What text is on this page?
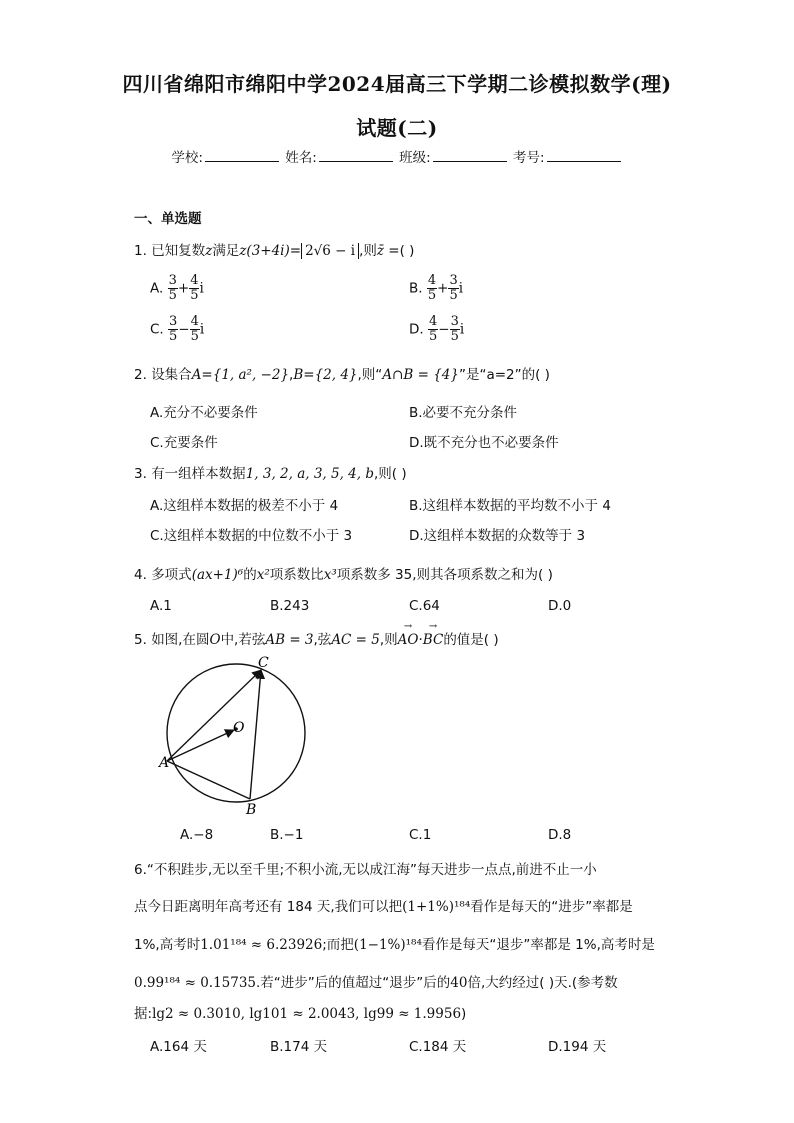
四川省绵阳市绵阳中学2024届高三下学期二诊模拟数学(理)
试题(二)
学校:	姓名:	班级:	考号:
一、单选题
1. 已知复数z满足z(3+4i)= 2√6 − i ,则z̄ =( )
A. $\frac{3}{5} + \frac{4}{5}$ i	B. $\frac{4}{5} + \frac{3}{5}$ i
C. $\frac{3}{5} - \frac{4}{5}$ i	D. $\frac{4}{5} - \frac{3}{5}$ i
2. 设集合A={1, a², −2},B={2, 4},则“A∩B = {4}”是“a=2”的( )
A.充分不必要条件	B.必要不充分条件
C.充要条件	D.既不充分也不必要条件
3. 有一组样本数据1, 3, 2, a, 3, 5, 4, b,则( )
A.这组样本数据的极差不小于 4	B.这组样本数据的平均数不小于 4
C.这组样本数据的中位数不小于 3	D.这组样本数据的众数等于 3
4. 多项式(ax+1)⁶的x²项系数比x³项系数多 35,则其各项系数之和为( )
A.1	B.243	C.64	D.0
5. 如图,在圆O中,若弦AB = 3,弦AC = 5,则→ AO·→ BC的值是( )
C
O
A
B
A.−8	B.−1	C.1	D.8
6.“不积跬步,无以至千里;不积小流,无以成江海”每天进步一点点,前进不止一小
点今日距离明年高考还有 184 天,我们可以把(1+1%)¹⁸⁴看作是每天的“进步”率都是
1%,高考时1.01¹⁸⁴ ≈ 6.23926;而把(1−1%)¹⁸⁴看作是每天“退步”率都是 1%,高考时是
0.99¹⁸⁴ ≈ 0.15735.若“进步”后的值超过“退步”后的40倍,大约经过( )天.(参考数
据:lg2 ≈ 0.3010, lg101 ≈ 2.0043, lg99 ≈ 1.9956)
A.164 天	B.174 天	C.184 天	D.194 天
